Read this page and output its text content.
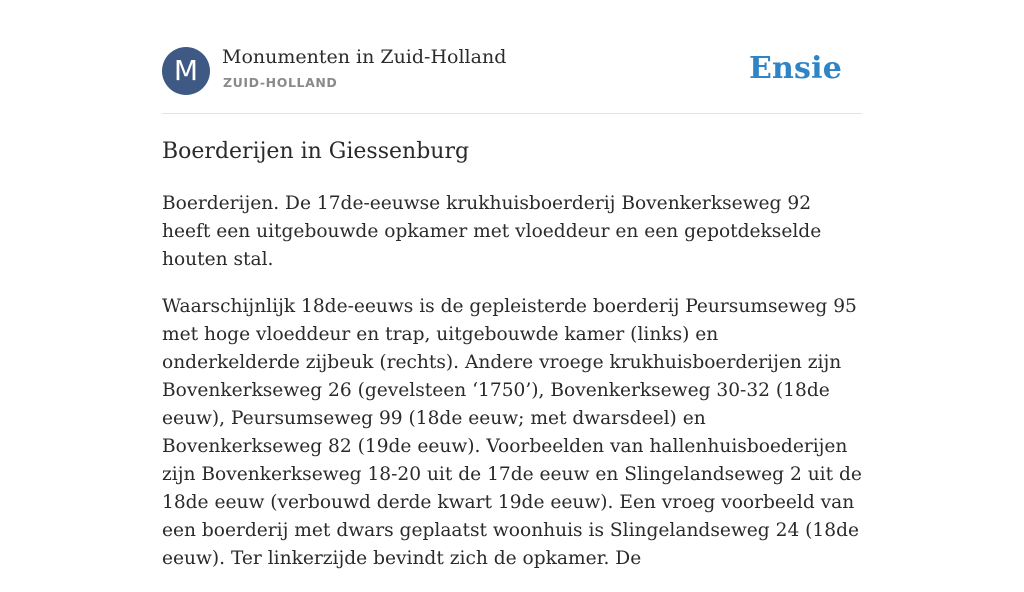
M	Monumenten in Zuid-Holland
ZUID-HOLLAND	Ensie
Boerderijen in Giessenburg

Boerderijen. De 17de-eeuwse krukhuisboerderij Bovenkerkseweg 92 heeft een uitgebouwde opkamer met vloeddeur en een gepotdekselde houten stal.

Waarschijnlijk 18de-eeuws is de gepleisterde boerderij Peursumseweg 95 met hoge vloeddeur en trap, uitgebouwde kamer (links) en onderkelderde zijbeuk (rechts). Andere vroege krukhuisboerderijen zijn Bovenkerkseweg 26 (gevelsteen ‘1750’), Bovenkerkseweg 30-32 (18de eeuw), Peursumseweg 99 (18de eeuw; met dwarsdeel) en Bovenkerkseweg 82 (19de eeuw). Voorbeelden van hallenhuisboederijen zijn Bovenkerkseweg 18-20 uit de 17de eeuw en Slingelandseweg 2 uit de 18de eeuw (verbouwd derde kwart 19de eeuw). Een vroeg voorbeeld van een boerderij met dwars geplaatst woonhuis is Slingelandseweg 24 (18de eeuw). Ter linkerzijde bevindt zich de opkamer. De
